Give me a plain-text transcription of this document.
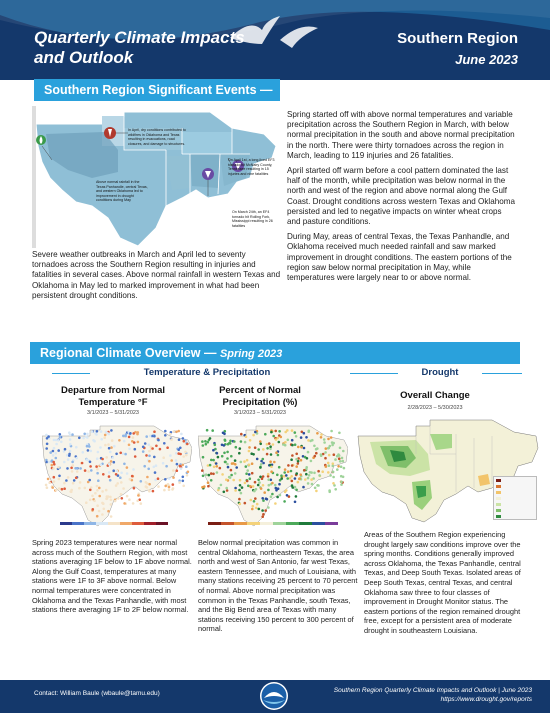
Quarterly Climate Impacts
and Outlook
Southern Region
June 2023
Southern Region Significant Events —
In April, dry conditions contributed to wildfires in Oklahoma and Texas resulting in evacuations, road closures, and damage to structures.
On April 1st, a long-lived EF3 tornado hit McNairy County, Tennessee resulting in 15 injuries and nine fatalities
On March 24th, an EF4 tornado hit Rolling Fork, Mississippi resulting in 26 fatalities
Above normal rainfall in the Texas Panhandle, central Texas, and western Oklahoma led to improvement in drought conditions during May
Severe weather outbreaks in March and April led to seventy tornadoes across the Southern Region resulting in injuries and fatalities in several cases. Above normal rainfall in western Texas and Oklahoma in May led to marked improvement in what had been persistent drought conditions.

Spring started off with above normal temperatures and variable precipitation across the Southern Region in March, with below normal precipitation in the south and above normal precipitation in the north. There were thirty tornadoes across the region in March, leading to 119 injuries and 26 fatalities.

April started off warm before a cool pattern dominated the last half of the month, while precipitation was below normal in the north and west of the region and above normal along the Gulf Coast. Drought conditions across western Texas and Oklahoma persisted and led to negative impacts on winter wheat crops and pasture conditions.

During May, areas of central Texas, the Texas Panhandle, and Oklahoma received much needed rainfall and saw marked improvement in drought conditions. The eastern portions of the region saw below normal precipitation in May, while temperatures were largely near to or above normal.

Regional Climate Overview — Spring 2023
Temperature & Precipitation	Drought
Departure from Normal Temperature °F
3/1/2023 – 5/31/2023
Spring 2023 temperatures were near normal across much of the Southern Region, with most stations averaging 1F below to 1F above normal. Along the Gulf Coast, temperatures at many stations were 1F to 3F above normal. Below normal temperatures were concentrated in Oklahoma and the Texas Panhandle, with most stations there averaging 1F to 2F below normal.
Percent of Normal Precipitation (%)
3/1/2023 – 5/31/2023
Below normal precipitation was common in central Oklahoma, northeastern Texas, the area north and west of San Antonio, far west Texas, eastern Tennessee, and much of Louisiana, with many stations receiving 25 percent to 70 percent of normal. Above normal precipitation was common in the Texas Panhandle, south Texas, and the Big Bend area of Texas with many stations receiving 150 percent to 300 percent of normal.
Overall Change
2/28/2023 – 5/30/2023

Areas of the Southern Region experiencing drought largely saw conditions improve over the spring months. Conditions generally improved across Oklahoma, the Texas Panhandle, central Texas, and Deep South Texas. Isolated areas of Deep South Texas, central Texas, and central Oklahoma saw three to four classes of improvement in Drought Monitor status. The eastern portions of the region remained drought free, except for a persistent area of moderate drought in southeastern Louisiana.
Contact: William Baule (wbaule@tamu.edu)	Southern Region Quarterly Climate Impacts and Outlook | June 2023
https://www.drought.gov/reports
